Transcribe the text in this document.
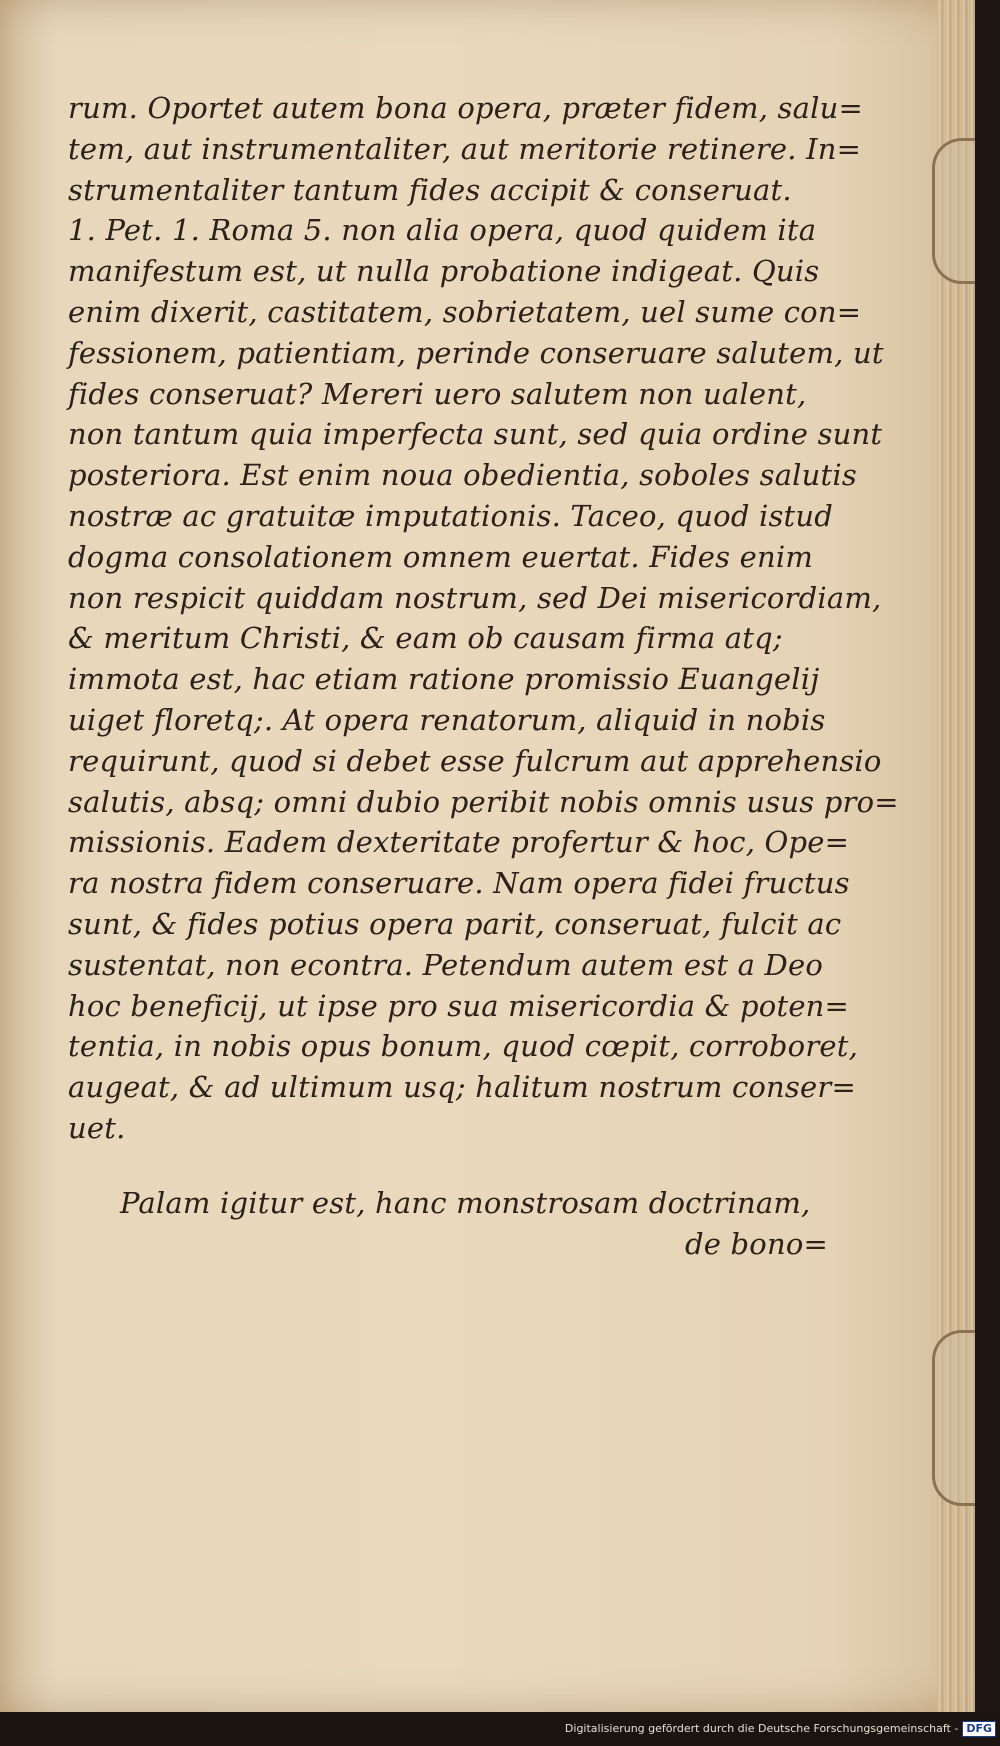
rum. Oportet autem bona opera, præter fidem, salu=
tem, aut instrumentaliter, aut meritorie retinere. In=
strumentaliter tantum fides accipit & conseruat.
1. Pet. 1. Roma 5. non alia opera, quod quidem ita
manifestum est, ut nulla probatione indigeat. Quis
enim dixerit, castitatem, sobrietatem, uel sume con=
fessionem, patientiam, perinde conseruare salutem, ut
fides conseruat? Mereri uero salutem non ualent,
non tantum quia imperfecta sunt, sed quia ordine sunt
posteriora. Est enim noua obedientia, soboles salutis
nostræ ac gratuitæ imputationis. Taceo, quod istud
dogma consolationem omnem euertat. Fides enim
non respicit quiddam nostrum, sed Dei misericordiam,
& meritum Christi, & eam ob causam firma atq;
immota est, hac etiam ratione promissio Euangelij
uiget floretq;. At opera renatorum, aliquid in nobis
requirunt, quod si debet esse fulcrum aut apprehensio
salutis, absq; omni dubio peribit nobis omnis usus pro=
missionis. Eadem dexteritate profertur & hoc, Ope=
ra nostra fidem conseruare. Nam opera fidei fructus
sunt, & fides potius opera parit, conseruat, fulcit ac
sustentat, non econtra. Petendum autem est a Deo
hoc beneficij, ut ipse pro sua misericordia & poten=
tentia, in nobis opus bonum, quod cœpit, corroboret,
augeat, & ad ultimum usq; halitum nostrum conser=
uet.
Palam igitur est, hanc monstrosam doctrinam,
de bono=
Digitalisierung gefördert durch die Deutsche Forschungsgemeinschaft - DFG
